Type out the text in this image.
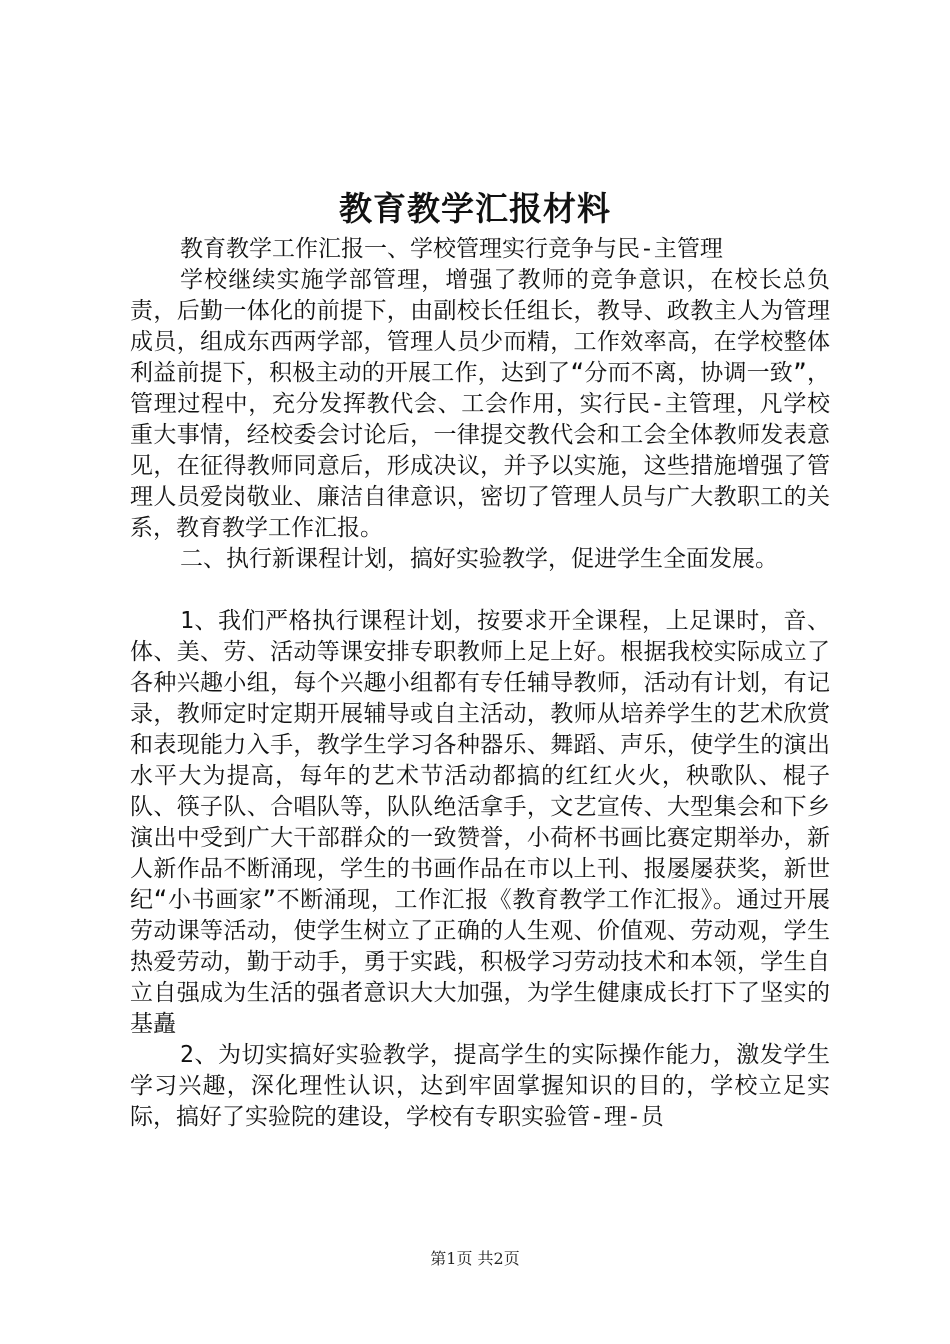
教育教学汇报材料

教育教学工作汇报一、学校管理实行竞争与民-主管理

学校继续实施学部管理，增强了教师的竞争意识，在校长总负责，后勤一体化的前提下，由副校长任组长，教导、政教主人为管理成员，组成东西两学部，管理人员少而精，工作效率高，在学校整体利益前提下，积极主动的开展工作，达到了“分而不离，协调一致”，管理过程中，充分发挥教代会、工会作用，实行民-主管理，凡学校重大事情，经校委会讨论后，一律提交教代会和工会全体教师发表意见，在征得教师同意后，形成决议，并予以实施，这些措施增强了管理人员爱岗敬业、廉洁自律意识，密切了管理人员与广大教职工的关系，教育教学工作汇报。

二、执行新课程计划，搞好实验教学，促进学生全面发展。

1、我们严格执行课程计划，按要求开全课程，上足课时，音、体、美、劳、活动等课安排专职教师上足上好。根据我校实际成立了各种兴趣小组，每个兴趣小组都有专任辅导教师，活动有计划，有记录，教师定时定期开展辅导或自主活动，教师从培养学生的艺术欣赏和表现能力入手，教学生学习各种器乐、舞蹈、声乐，使学生的演出水平大为提高，每年的艺术节活动都搞的红红火火，秧歌队、棍子队、筷子队、合唱队等，队队绝活拿手，文艺宣传、大型集会和下乡演出中受到广大干部群众的一致赞誉，小荷杯书画比赛定期举办，新人新作品不断涌现，学生的书画作品在市以上刊、报屡屡获奖，新世纪“小书画家”不断涌现，工作汇报《教育教学工作汇报》。通过开展劳动课等活动，使学生树立了正确的人生观、价值观、劳动观，学生热爱劳动，勤于动手，勇于实践，积极学习劳动技术和本领，学生自立自强成为生活的强者意识大大加强，为学生健康成长打下了坚实的基矗

2、为切实搞好实验教学，提高学生的实际操作能力，激发学生学习兴趣，深化理性认识，达到牢固掌握知识的目的，学校立足实际，搞好了实验院的建设，学校有专职实验管-理-员

第1页 共2页
